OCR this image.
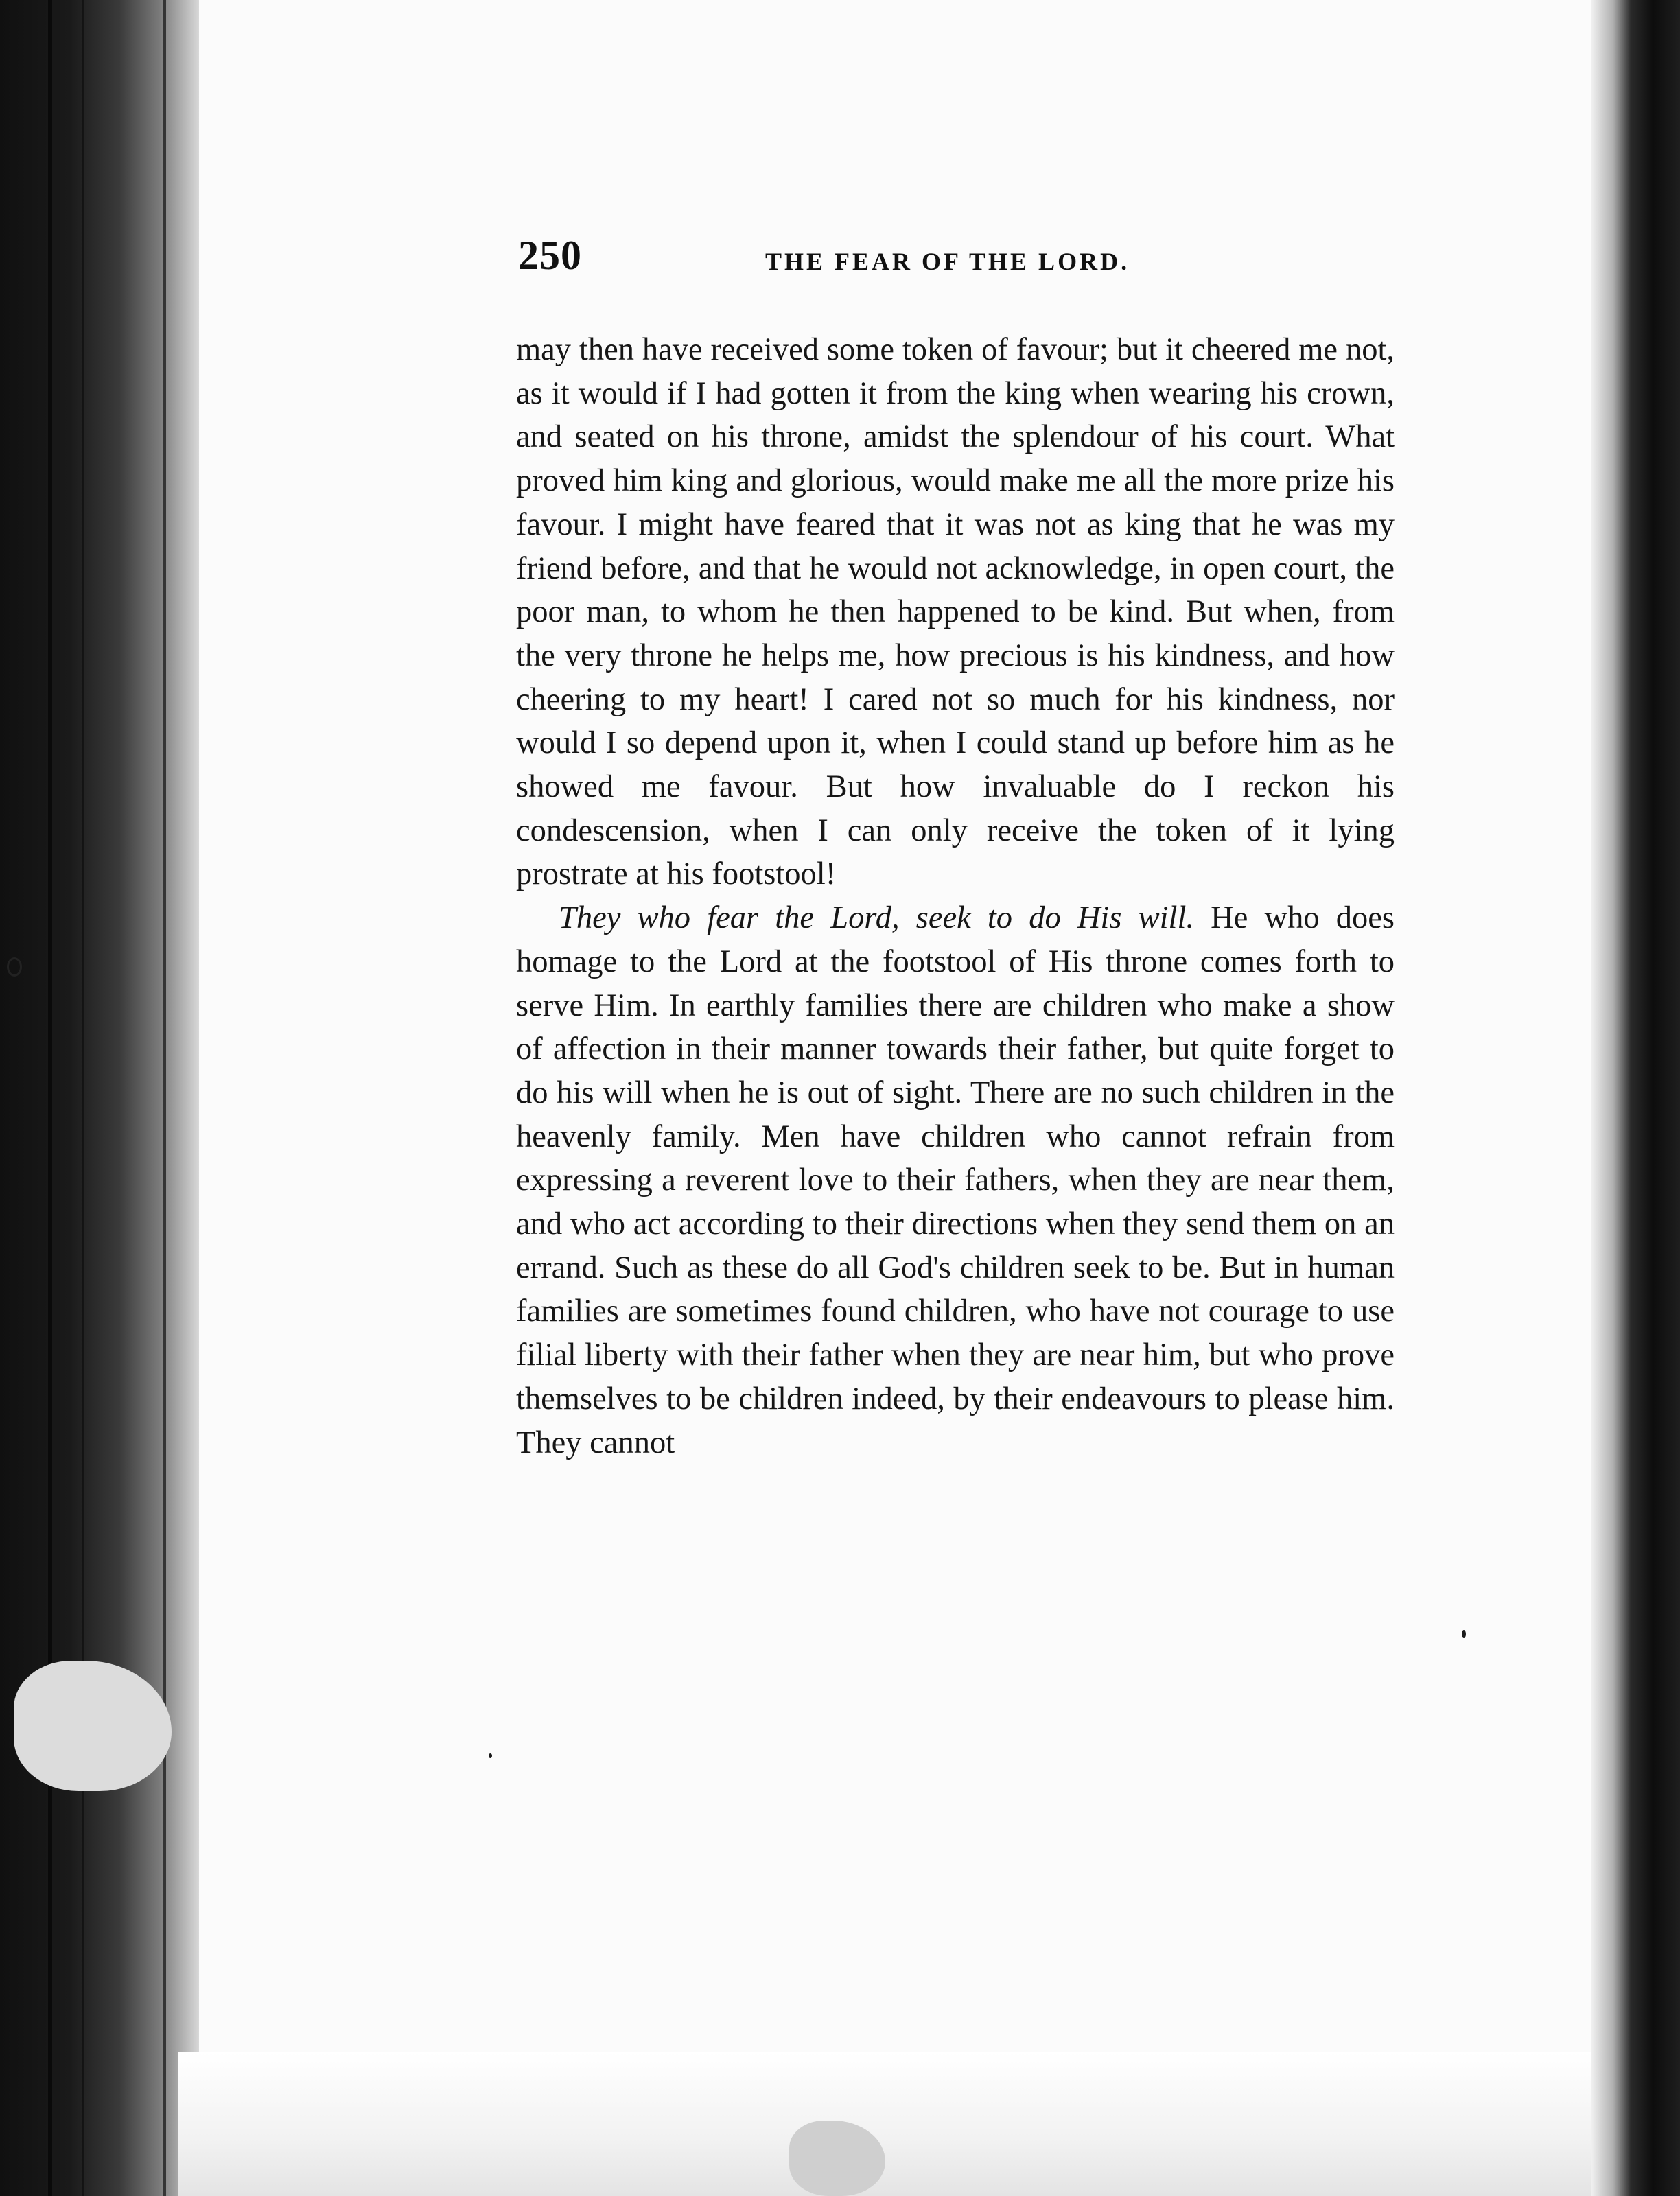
250	THE FEAR OF THE LORD.

may then have received some token of favour; but it cheered me not, as it would if I had gotten it from the king when wearing his crown, and seated on his throne, amidst the splendour of his court. What proved him king and glorious, would make me all the more prize his favour. I might have feared that it was not as king that he was my friend before, and that he would not acknowledge, in open court, the poor man, to whom he then happened to be kind. But when, from the very throne he helps me, how precious is his kindness, and how cheering to my heart! I cared not so much for his kindness, nor would I so depend upon it, when I could stand up before him as he showed me favour. But how invaluable do I reckon his condescension, when I can only receive the token of it lying prostrate at his footstool!

They who fear the Lord, seek to do His will. He who does homage to the Lord at the footstool of His throne comes forth to serve Him. In earthly families there are children who make a show of affection in their manner towards their father, but quite forget to do his will when he is out of sight. There are no such children in the heavenly family. Men have children who cannot refrain from expressing a reverent love to their fathers, when they are near them, and who act according to their directions when they send them on an errand. Such as these do all God's children seek to be. But in human families are sometimes found children, who have not courage to use filial liberty with their father when they are near him, but who prove themselves to be children indeed, by their endeavours to please him. They cannot
